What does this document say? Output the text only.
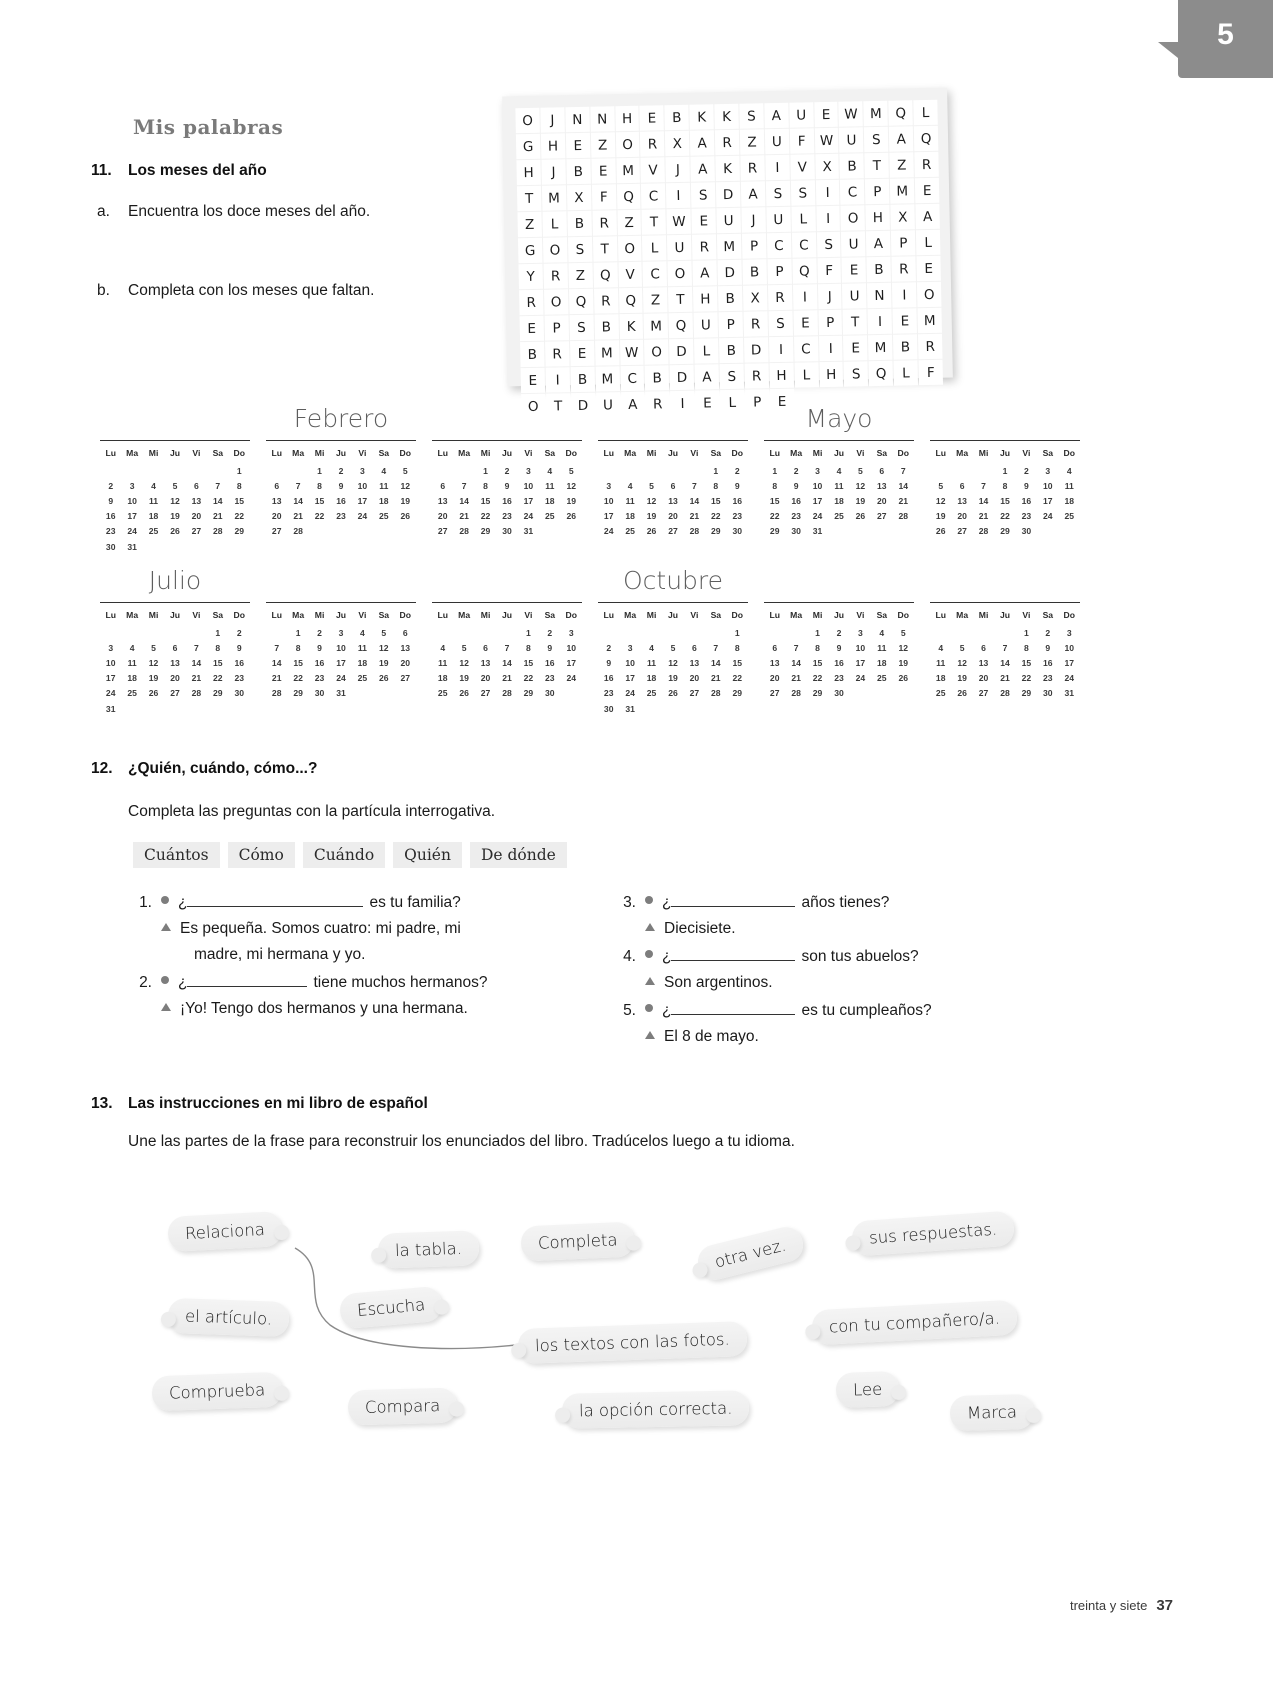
5
Mis palabras
11. Los meses del año
a. Encuentra los doce meses del año.
b. Completa con los meses que faltan.
O	J	N	N	H	E	B	K	K	S	A	U	E	W M Q	L
G	H	E	Z	O	R	X	A	R	Z	U	F	W U	S	A	Q
H	J	B	E	M	V	J	A	K	R	I	V	X	B	T	Z	R
T	M	X	F	Q	C	I	S	D	A	S	S	I	C	P	M	E
Z	L	B	R	Z	T	W	E	U	J	U	L	I	O	H	X	A
G	O	S	T	O	L	U	R	M	P	C	C	S	U	A	P	L
Y	R	Z	Q	V	C	O	A	D	B	P	Q	F	E	B	R	E
R	O	Q	R	Q	Z	T	H	B	X	R	I	J	U	N	I	O
E	P	S	B	K	M Q	U	P	R	S	E	P	T	I	E	M
B	R	E	M W O	D	L	B	D	I	C	I	E	M	B	R
E	I	B	M	C	B	D	A	S	R	H	L	H	S	Q	L	F
O	T	D	U	A	R	I	E	L	P	E
Lu	Ma	Mi	Ju	Vi	Sa	Do
						1
2	3	4	5	6	7	8
9	10	11	12	13	14	15
16	17	18	19	20	21	22
23	24	25	26	27	28	29
30	31					
Febrero
Lu	Ma	Mi	Ju	Vi	Sa	Do
		1	2	3	4	5
6	7	8	9	10	11	12
13	14	15	16	17	18	19
20	21	22	23	24	25	26
27	28					
Lu	Ma	Mi	Ju	Vi	Sa	Do
		1	2	3	4	5
6	7	8	9	10	11	12
13	14	15	16	17	18	19
20	21	22	23	24	25	26
27	28	29	30	31		
Lu	Ma	Mi	Ju	Vi	Sa	Do
					1	2
3	4	5	6	7	8	9
10	11	12	13	14	15	16
17	18	19	20	21	22	23
24	25	26	27	28	29	30
Mayo
Lu	Ma	Mi	Ju	Vi	Sa	Do
1	2	3	4	5	6	7
8	9	10	11	12	13	14
15	16	17	18	19	20	21
22	23	24	25	26	27	28
29	30	31				
Lu	Ma	Mi	Ju	Vi	Sa	Do
			1	2	3	4
5	6	7	8	9	10	11
12	13	14	15	16	17	18
19	20	21	22	23	24	25
26	27	28	29	30		
Julio
Lu	Ma	Mi	Ju	Vi	Sa	Do
					1	2
3	4	5	6	7	8	9
10	11	12	13	14	15	16
17	18	19	20	21	22	23
24	25	26	27	28	29	30
31						
Lu	Ma	Mi	Ju	Vi	Sa	Do
	1	2	3	4	5	6
7	8	9	10	11	12	13
14	15	16	17	18	19	20
21	22	23	24	25	26	27
28	29	30	31			
Lu	Ma	Mi	Ju	Vi	Sa	Do
				1	2	3
4	5	6	7	8	9	10
11	12	13	14	15	16	17
18	19	20	21	22	23	24
25	26	27	28	29	30	
Octubre
Lu	Ma	Mi	Ju	Vi	Sa	Do
						1
2	3	4	5	6	7	8
9	10	11	12	13	14	15
16	17	18	19	20	21	22
23	24	25	26	27	28	29
30	31					
Lu	Ma	Mi	Ju	Vi	Sa	Do
		1	2	3	4	5
6	7	8	9	10	11	12
13	14	15	16	17	18	19
20	21	22	23	24	25	26
27	28	29	30			
Lu	Ma	Mi	Ju	Vi	Sa	Do
				1	2	3
4	5	6	7	8	9	10
11	12	13	14	15	16	17
18	19	20	21	22	23	24
25	26	27	28	29	30	31
12. ¿Quién, cuándo, cómo...?
Completa las preguntas con la partícula interrogativa.
Cuántos	Cómo	Cuándo	Quién	De dónde
1. ¿	es tu familia?
Es pequeña. Somos cuatro: mi padre, mi
madre, mi hermana y yo.
2. ¿	tiene muchos hermanos?
¡Yo! Tengo dos hermanos y una hermana.
3. ¿	años tienes?
Diecisiete.
4. ¿	son tus abuelos?
Son argentinos.
5. ¿	es tu cumpleaños?
El 8 de mayo.
13. Las instrucciones en mi libro de español
Une las partes de la frase para reconstruir los enunciados del libro. Tradúcelos luego a tu idioma.
Relaciona
la tabla.	Completa	otra vez.
sus respuestas.
el artículo.	Escucha
los textos con las fotos.
con tu compañero/a.
Comprueba
Compara	la opción correcta.
Lee
Marca
treinta y siete 37
